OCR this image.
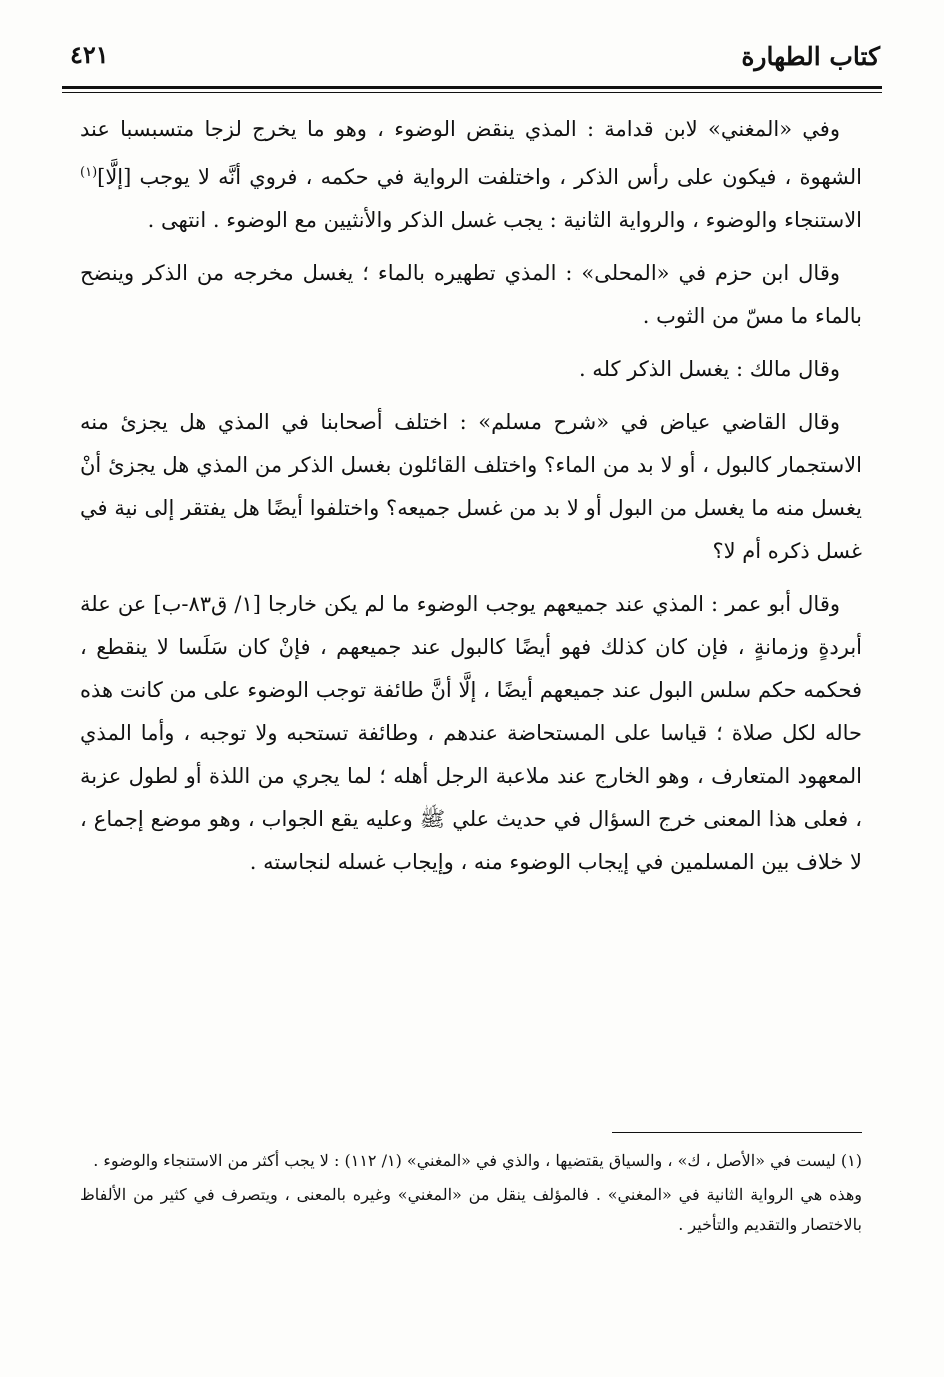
كتاب الطهارة
٤٢١

وفي «المغني» لابن قدامة : المذي ينقض الوضوء ، وهو ما يخرج لزجا متسبسبا عند الشهوة ، فيكون على رأس الذكر ، واختلفت الرواية في حكمه ، فروي أنَّه لا يوجب [إلَّا]$^{(١)}$ الاستنجاء والوضوء ، والرواية الثانية : يجب غسل الذكر والأنثيين مع الوضوء . انتهى .

وقال ابن حزم في «المحلى» : المذي تطهيره بالماء ؛ يغسل مخرجه من الذكر وينضح بالماء ما مسّ من الثوب .

وقال مالك : يغسل الذكر كله .

وقال القاضي عياض في «شرح مسلم» : اختلف أصحابنا في المذي هل يجزئ منه الاستجمار كالبول ، أو لا بد من الماء؟ واختلف القائلون بغسل الذكر من المذي هل يجزئ أنْ يغسل منه ما يغسل من البول أو لا بد من غسل جميعه؟ واختلفوا أيضًا هل يفتقر إلى نية في غسل ذكره أم لا؟

وقال أبو عمر : المذي عند جميعهم يوجب الوضوء ما لم يكن خارجا [١/ ق٨٣-ب] عن علة أبردةٍ وزمانةٍ ، فإن كان كذلك فهو أيضًا كالبول عند جميعهم ، فإنْ كان سَلَسا لا ينقطع ، فحكمه حكم سلس البول عند جميعهم أيضًا ، إلَّا أنَّ طائفة توجب الوضوء على من كانت هذه حاله لكل صلاة ؛ قياسا على المستحاضة عندهم ، وطائفة تستحبه ولا توجبه ، وأما المذي المعهود المتعارف ، وهو الخارج عند ملاعبة الرجل أهله ؛ لما يجري من اللذة أو لطول عزبة ، فعلى هذا المعنى خرج السؤال في حديث علي ﷺ وعليه يقع الجواب ، وهو موضع إجماع ، لا خلاف بين المسلمين في إيجاب الوضوء منه ، وإيجاب غسله لنجاسته .

(١) ليست في «الأصل ، ك» ، والسياق يقتضيها ، والذي في «المغني» (١/ ١١٢) : لا يجب أكثر من الاستنجاء والوضوء .

وهذه هي الرواية الثانية في «المغني» . فالمؤلف ينقل من «المغني» وغيره بالمعنى ، ويتصرف في كثير من الألفاظ بالاختصار والتقديم والتأخير .
